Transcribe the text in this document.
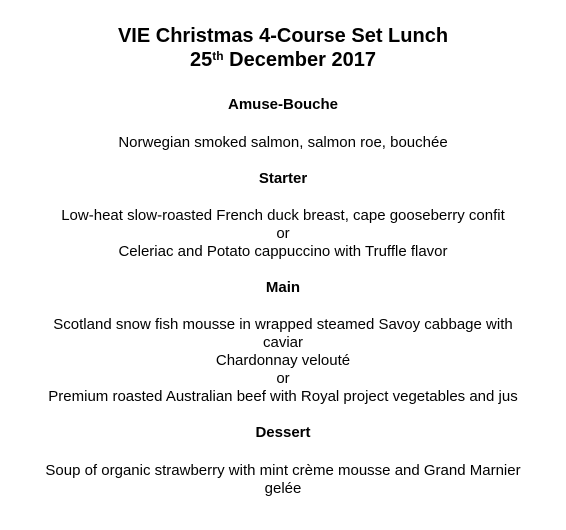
VIE Christmas 4-Course Set Lunch
25th December 2017
Amuse-Bouche
Norwegian smoked salmon, salmon roe, bouchée
Starter
Low-heat slow-roasted French duck breast, cape gooseberry confit
or
Celeriac and Potato cappuccino with Truffle flavor
Main
Scotland snow fish mousse in wrapped steamed Savoy cabbage with
caviar
Chardonnay velouté
or
Premium roasted Australian beef with Royal project vegetables and jus
Dessert
Soup of organic strawberry with mint crème mousse and Grand Marnier
gelée
